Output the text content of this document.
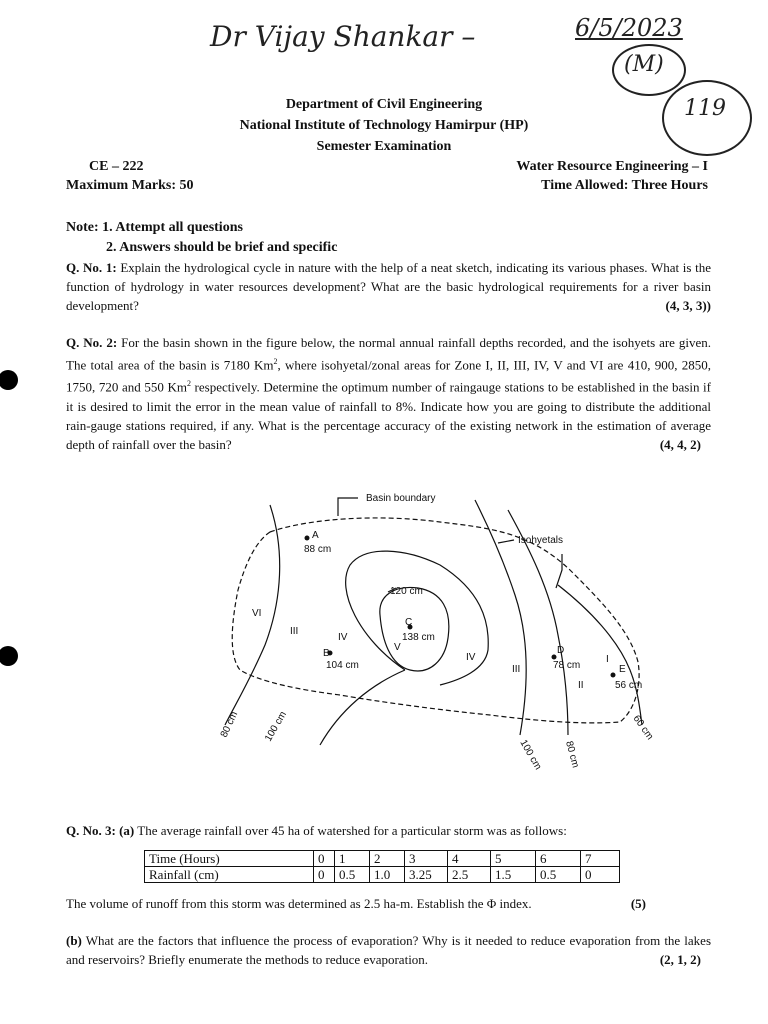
Dr Vijay Shankar –	6/5/2023
(M)
119
Department of Civil Engineering
National Institute of Technology Hamirpur (HP)
Semester Examination
CE – 222	Water Resource Engineering – I
Maximum Marks: 50	Time Allowed: Three Hours
Note: 1. Attempt all questions
2. Answers should be brief and specific
Q. No. 1: Explain the hydrological cycle in nature with the help of a neat sketch, indicating its various phases. What is the function of hydrology in water resources development? What are the basic hydrological requirements for a river basin development?	(4, 3, 3))
Q. No. 2: For the basin shown in the figure below, the normal annual rainfall depths recorded, and the isohyets are given. The total area of the basin is 7180 Km$^2$, where isohyetal/zonal areas for Zone I, II, III, IV, V and VI are 410, 900, 2850, 1750, 720 and 550 Km$^2$ respectively. Determine the optimum number of raingauge stations to be established in the basin if it is desired to limit the error in the mean value of rainfall to 8%. Indicate how you are going to distribute the additional rain-gauge stations required, if any. What is the percentage accuracy of the existing network in the estimation of average depth of rainfall over the basin?	(4, 4, 2)
Basin boundary
Isohyetals
A
88 cm
B
104 cm
C
138 cm
D
78 cm	E
56 cm
120 cm
VI
III
IV
V
IV
III
II
I
80 cm 100 cm
100 cm 80 cm
60 cm
Q. No. 3: (a) The average rainfall over 45 ha of watershed for a particular storm was as follows:
Time (Hours)	0	1	2	3	4	5	6	7
Rainfall (cm)	0	0.5	1.0	3.25	2.5	1.5	0.5	0
The volume of runoff from this storm was determined as 2.5 ha-m. Establish the Φ index.	(5)
(b) What are the factors that influence the process of evaporation? Why is it needed to reduce evaporation from the lakes and reservoirs? Briefly enumerate the methods to reduce evaporation.	(2, 1, 2)
